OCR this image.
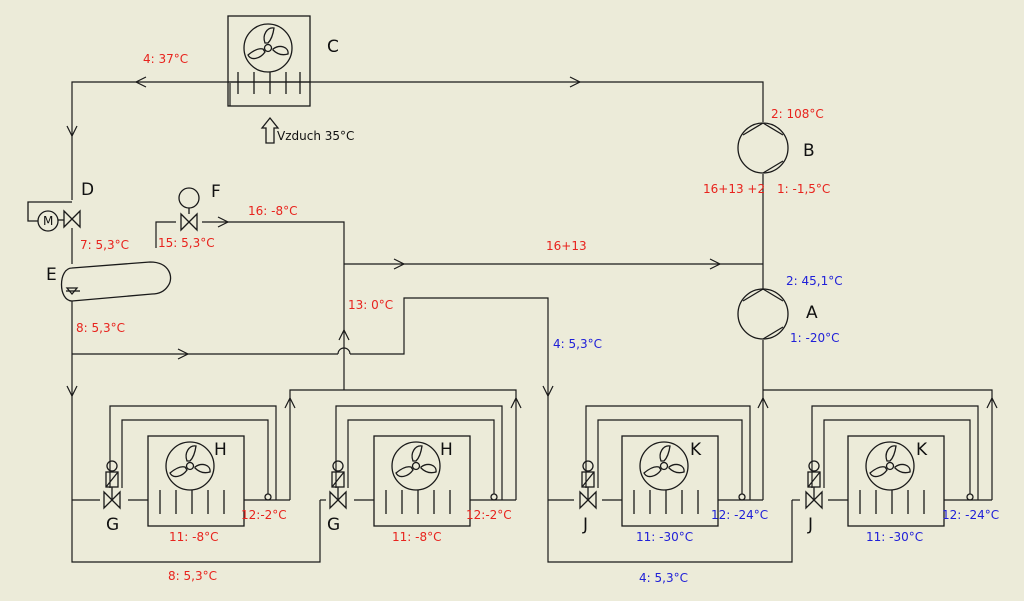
C
Vzduch 35°C
B
A
M
D
E
F
H
G
H
G
K
J
K
J
4: 37°C
2: 108°C
16+13 +2 1: -1,5°C
7: 5,3°C 15: 5,3°C
16: -8°C
16+13
2: 45,1°C
1: -20°C
13: 0°C
8: 5,3°C
4: 5,3°C
11: -8°C
12:-2°C
11: -8°C
12:-2°C
11: -30°C
12: -24°C
11: -30°C
12: -24°C
8: 5,3°C	4: 5,3°C
